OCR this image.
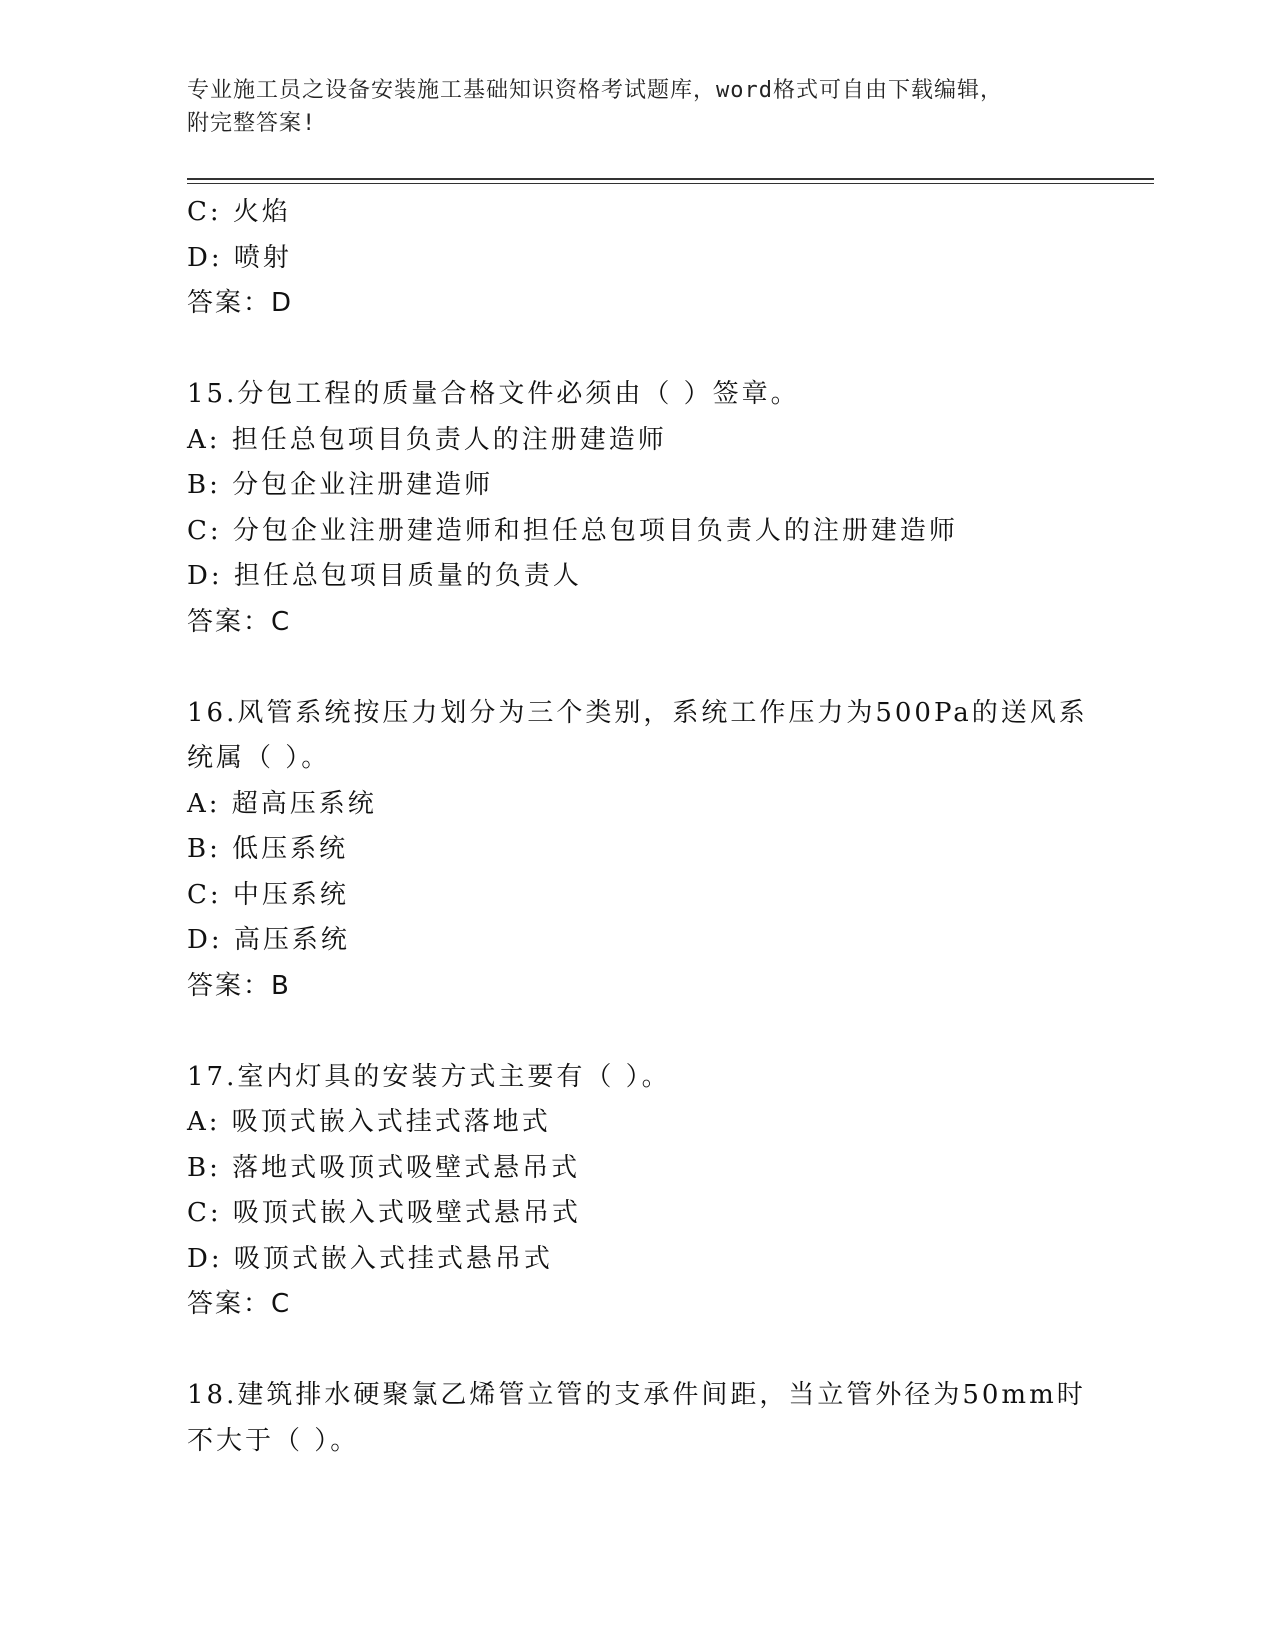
专业施工员之设备安装施工基础知识资格考试题库，word格式可自由下载编辑，
附完整答案!
C: 火焰
D: 喷射
答案：D
15.分包工程的质量合格文件必须由（ ）签章。
A: 担任总包项目负责人的注册建造师
B: 分包企业注册建造师
C: 分包企业注册建造师和担任总包项目负责人的注册建造师
D: 担任总包项目质量的负责人
答案：C
16.风管系统按压力划分为三个类别，系统工作压力为500Pa的送风系
统属（ ）。
A: 超高压系统
B: 低压系统
C: 中压系统
D: 高压系统
答案：B
17.室内灯具的安装方式主要有（ ）。
A: 吸顶式嵌入式挂式落地式
B: 落地式吸顶式吸壁式悬吊式
C: 吸顶式嵌入式吸壁式悬吊式
D: 吸顶式嵌入式挂式悬吊式
答案：C
18.建筑排水硬聚氯乙烯管立管的支承件间距，当立管外径为50mm时
不大于（ ）。
